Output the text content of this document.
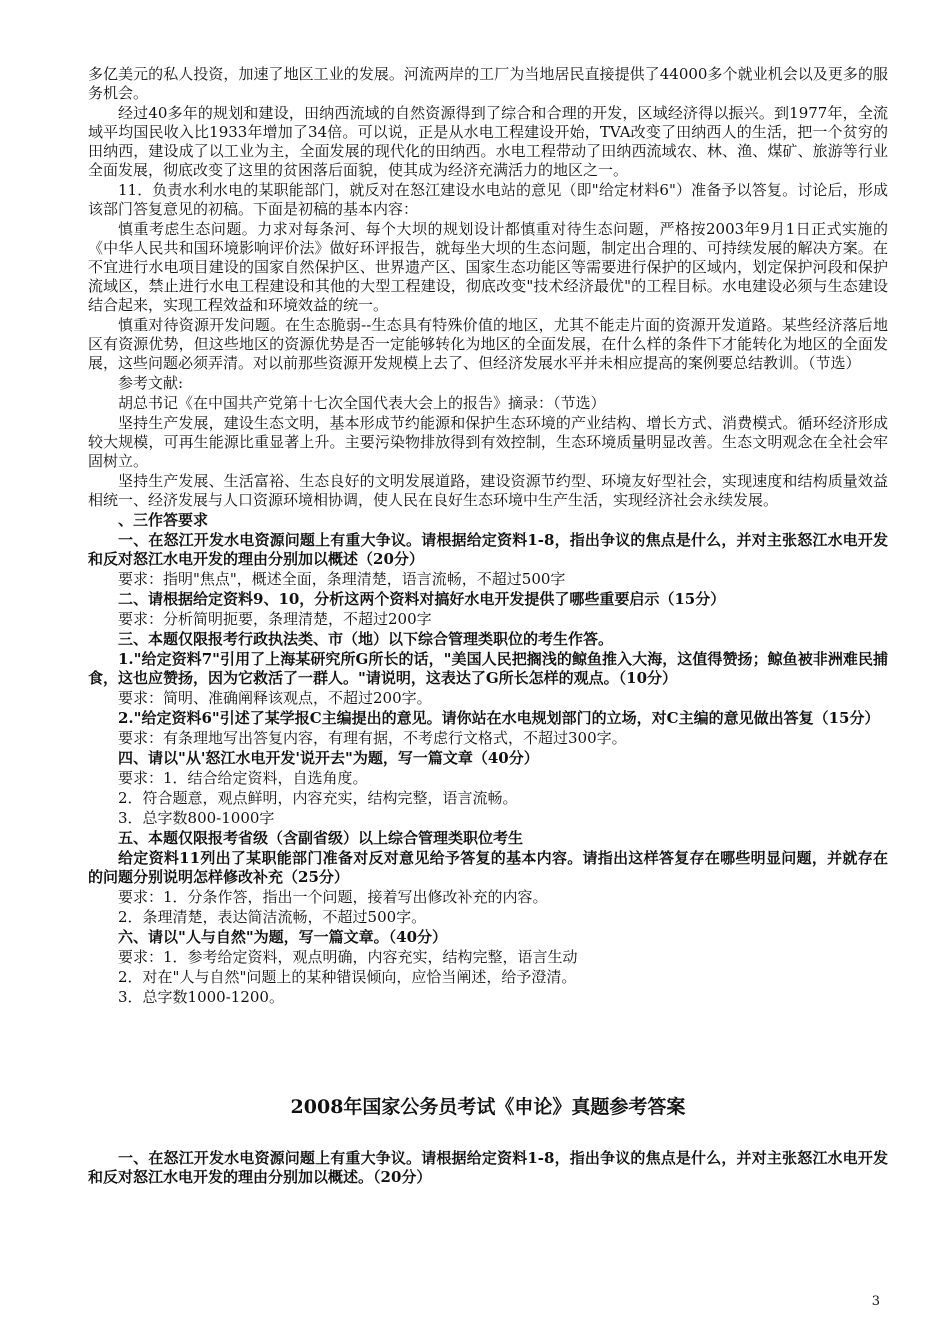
多亿美元的私人投资，加速了地区工业的发展。河流两岸的工厂为当地居民直接提供了44000多个就业机会以及更多的服务机会。

经过40多年的规划和建设，田纳西流域的自然资源得到了综合和合理的开发，区域经济得以振兴。到1977年，全流域平均国民收入比1933年增加了34倍。可以说，正是从水电工程建设开始，TVA改变了田纳西人的生活，把一个贫穷的田纳西，建设成了以工业为主，全面发展的现代化的田纳西。水电工程带动了田纳西流域农、林、渔、煤矿、旅游等行业全面发展，彻底改变了这里的贫困落后面貌，使其成为经济充满活力的地区之一。

11．负责水利水电的某职能部门，就反对在怒江建设水电站的意见（即"给定材料6"）准备予以答复。讨论后，形成该部门答复意见的初稿。下面是初稿的基本内容：

慎重考虑生态问题。力求对每条河、每个大坝的规划设计都慎重对待生态问题，严格按2003年9月1日正式实施的《中华人民共和国环境影响评价法》做好环评报告，就每坐大坝的生态问题，制定出合理的、可持续发展的解决方案。在不宜进行水电项目建设的国家自然保护区、世界遗产区、国家生态功能区等需要进行保护的区域内，划定保护河段和保护流域区，禁止进行水电工程建设和其他的大型工程建设，彻底改变"技术经济最优"的工程目标。水电建设必须与生态建设结合起来，实现工程效益和环境效益的统一。

慎重对待资源开发问题。在生态脆弱--生态具有特殊价值的地区，尤其不能走片面的资源开发道路。某些经济落后地区有资源优势，但这些地区的资源优势是否一定能够转化为地区的全面发展，在什么样的条件下才能转化为地区的全面发展，这些问题必须弄清。对以前那些资源开发规模上去了、但经济发展水平并未相应提高的案例要总结教训。（节选）

参考文献:

胡总书记《在中国共产党第十七次全国代表大会上的报告》摘录：（节选）

坚持生产发展，建设生态文明，基本形成节约能源和保护生态环境的产业结构、增长方式、消费模式。循环经济形成较大规模，可再生能源比重显著上升。主要污染物排放得到有效控制，生态环境质量明显改善。生态文明观念在全社会牢固树立。

坚持生产发展、生活富裕、生态良好的文明发展道路，建设资源节约型、环境友好型社会，实现速度和结构质量效益相统一、经济发展与人口资源环境相协调，使人民在良好生态环境中生产生活，实现经济社会永续发展。

、三作答要求

一、在怒江开发水电资源问题上有重大争议。请根据给定资料1-8，指出争议的焦点是什么，并对主张怒江水电开发和反对怒江水电开发的理由分别加以概述（20分）

要求：指明"焦点"，概述全面，条理清楚，语言流畅，不超过500字

二、请根据给定资料9、10，分析这两个资料对搞好水电开发提供了哪些重要启示（15分）

要求：分析简明扼要，条理清楚，不超过200字

三、本题仅限报考行政执法类、市（地）以下综合管理类职位的考生作答。

1."给定资料7"引用了上海某研究所G所长的话，"美国人民把搁浅的鲸鱼推入大海，这值得赞扬；鲸鱼被非洲难民捕食，这也应赞扬，因为它救活了一群人。"请说明，这表达了G所长怎样的观点。（10分）

要求：简明、准确阐释该观点，不超过200字。

2."给定资料6"引述了某学报C主编提出的意见。请你站在水电规划部门的立场，对C主编的意见做出答复（15分）

要求：有条理地写出答复内容，有理有据，不考虑行文格式，不超过300字。

四、请以"从'怒江水电开发'说开去"为题，写一篇文章（40分）

要求：1．结合给定资料，自选角度。

2．符合题意，观点鲜明，内容充实，结构完整，语言流畅。

3．总字数800-1000字

五、本题仅限报考省级（含副省级）以上综合管理类职位考生

给定资料11列出了某职能部门准备对反对意见给予答复的基本内容。请指出这样答复存在哪些明显问题，并就存在的问题分别说明怎样修改补充（25分）

要求：1．分条作答，指出一个问题，接着写出修改补充的内容。

2．条理清楚，表达简洁流畅，不超过500字。

六、请以"人与自然"为题，写一篇文章。（40分）

要求：1．参考给定资料，观点明确，内容充实，结构完整，语言生动

2．对在"人与自然"问题上的某种错误倾向，应恰当阐述，给予澄清。

3．总字数1000-1200。

2008年国家公务员考试《申论》真题参考答案

一、在怒江开发水电资源问题上有重大争议。请根据给定资料1-8，指出争议的焦点是什么，并对主张怒江水电开发和反对怒江水电开发的理由分别加以概述。（20分）

3
